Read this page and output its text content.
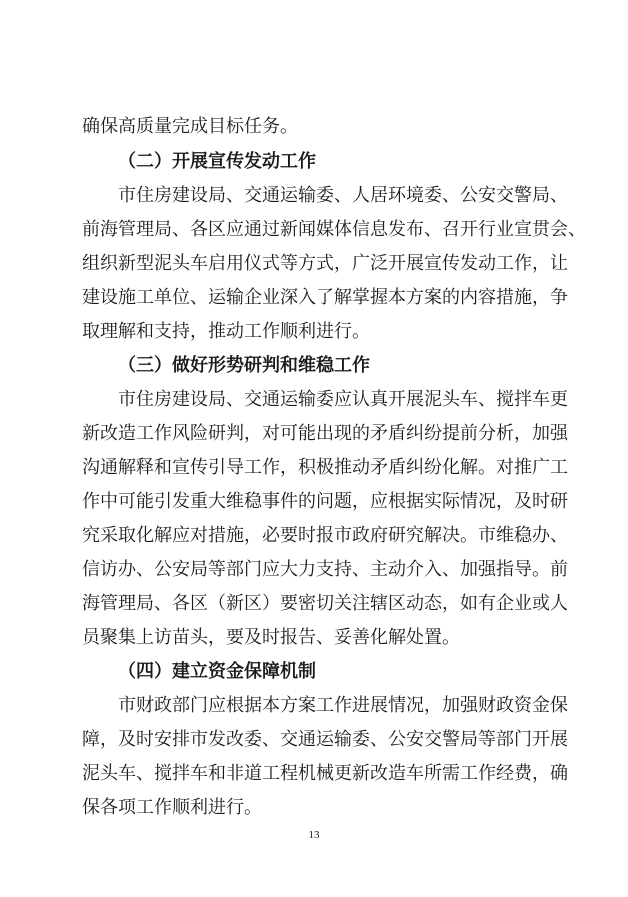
确保高质量完成目标任务。
（二）开展宣传发动工作
市住房建设局、交通运输委、人居环境委、公安交警局、
前海管理局、各区应通过新闻媒体信息发布、召开行业宣贯会、
组织新型泥头车启用仪式等方式，广泛开展宣传发动工作，让
建设施工单位、运输企业深入了解掌握本方案的内容措施，争
取理解和支持，推动工作顺利进行。
（三）做好形势研判和维稳工作
市住房建设局、交通运输委应认真开展泥头车、搅拌车更
新改造工作风险研判，对可能出现的矛盾纠纷提前分析，加强
沟通解释和宣传引导工作，积极推动矛盾纠纷化解。对推广工
作中可能引发重大维稳事件的问题，应根据实际情况，及时研
究采取化解应对措施，必要时报市政府研究解决。市维稳办、
信访办、公安局等部门应大力支持、主动介入、加强指导。前
海管理局、各区（新区）要密切关注辖区动态，如有企业或人
员聚集上访苗头，要及时报告、妥善化解处置。
（四）建立资金保障机制
市财政部门应根据本方案工作进展情况，加强财政资金保
障，及时安排市发改委、交通运输委、公安交警局等部门开展
泥头车、搅拌车和非道工程机械更新改造车所需工作经费，确
保各项工作顺利进行。
13
